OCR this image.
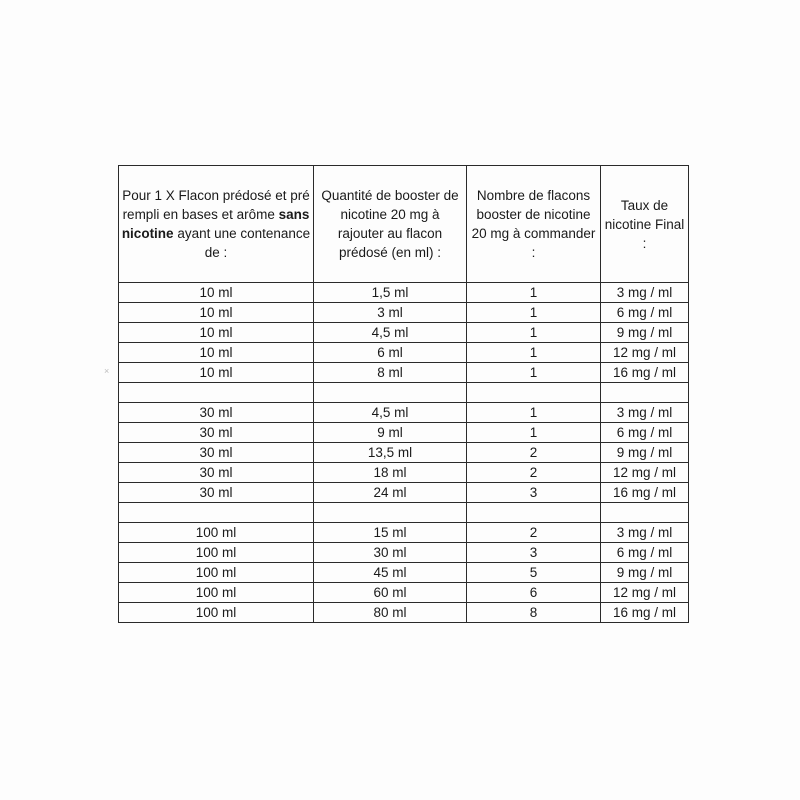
×
Pour 1 X Flacon prédosé et pré rempli en bases et arôme sans nicotine ayant une contenance de :	Quantité de booster de nicotine 20 mg à rajouter au flacon prédosé (en ml) :	Nombre de flacons booster de nicotine 20 mg à commander :	Taux de nicotine Final :
10 ml	1,5 ml	1	3 mg / ml
10 ml	3 ml	1	6 mg / ml
10 ml	4,5 ml	1	9 mg / ml
10 ml	6 ml	1	12 mg / ml
10 ml	8 ml	1	16 mg / ml

30 ml	4,5 ml	1	3 mg / ml
30 ml	9 ml	1	6 mg / ml
30 ml	13,5 ml	2	9 mg / ml
30 ml	18 ml	2	12 mg / ml
30 ml	24 ml	3	16 mg / ml

100 ml	15 ml	2	3 mg / ml
100 ml	30 ml	3	6 mg / ml
100 ml	45 ml	5	9 mg / ml
100 ml	60 ml	6	12 mg / ml
100 ml	80 ml	8	16 mg / ml
